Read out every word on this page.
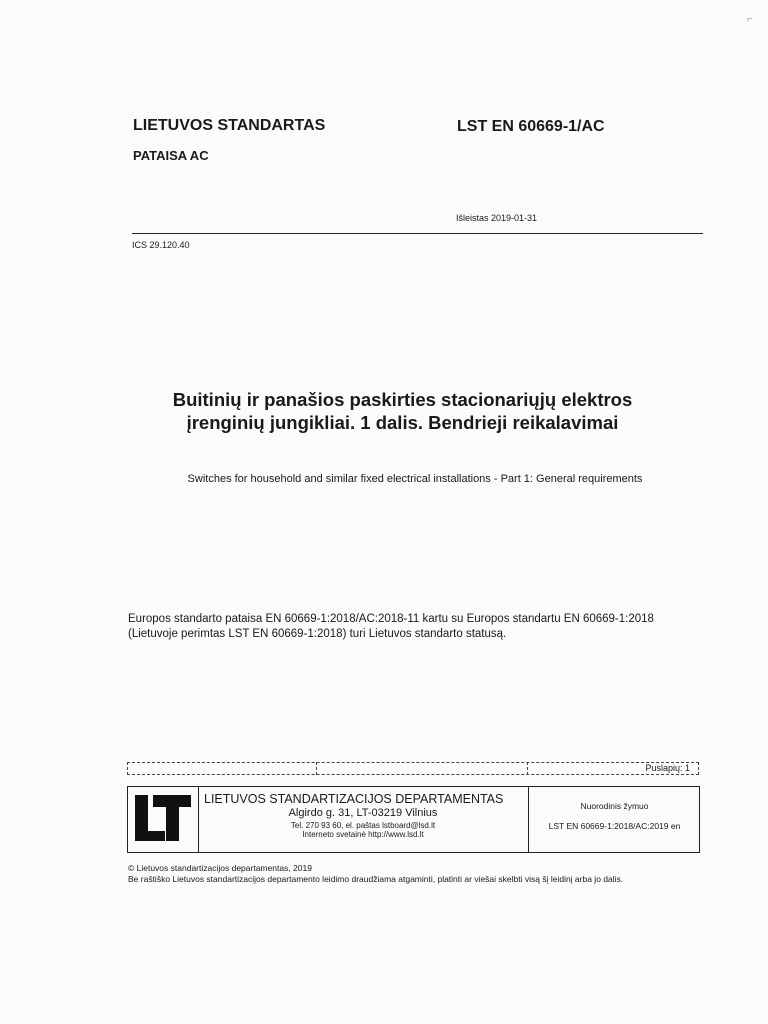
LIETUVOS STANDARTAS	LST EN 60669-1/AC
PATAISA AC
Išleistas 2019-01-31
ICS 29.120.40
Buitinių ir panašios paskirties stacionariųjų elektros
įrenginių jungikliai. 1 dalis. Bendrieji reikalavimai
Switches for household and similar fixed electrical installations - Part 1: General requirements
Europos standarto pataisa EN 60669-1:2018/AC:2018-11 kartu su Europos standartu EN 60669-1:2018
(Lietuvoje perimtas LST EN 60669-1:2018) turi Lietuvos standarto statusą.
Puslapių: 1
LIETUVOS STANDARTIZACIJOS DEPARTAMENTAS
Algirdo g. 31, LT-03219 Vilnius
Tel. 270 93 60, el. paštas lstboard@lsd.lt
Interneto svetainė http://www.lsd.lt
Nuorodinis žymuo
LST EN 60669-1:2018/AC:2019 en
© Lietuvos standartizacijos departamentas, 2019
Be raštiško Lietuvos standartizacijos departamento leidimo draudžiama atgaminti, platinti ar viešai skelbti visą šį leidinį arba jo dalis.
⌐
